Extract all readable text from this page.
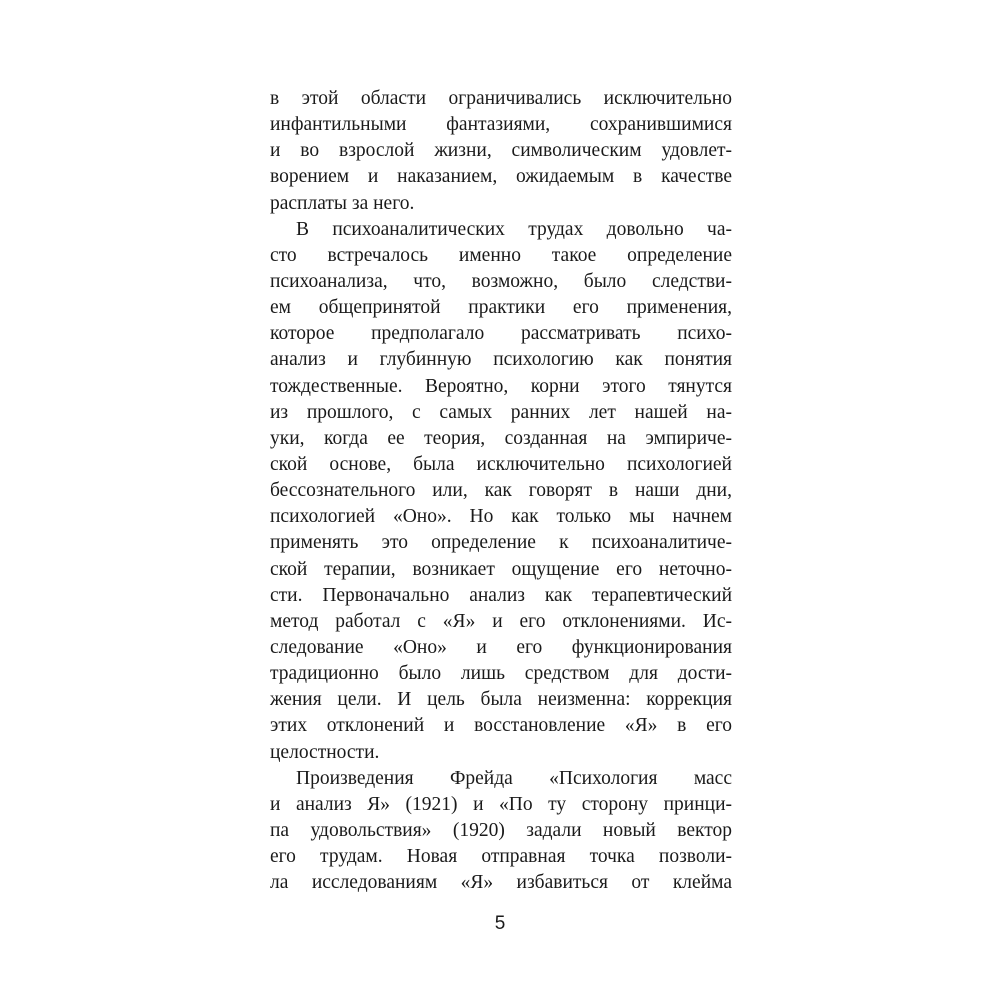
в этой области ограничивались исключительно
инфантильными фантазиями, сохранившимися
и во взрослой жизни, символическим удовлет-
ворением и наказанием, ожидаемым в качестве
расплаты за него.
В психоаналитических трудах довольно ча-
сто встречалось именно такое определение
психоанализа, что, возможно, было следстви-
ем общепринятой практики его применения,
которое предполагало рассматривать психо-
анализ и глубинную психологию как понятия
тождественные. Вероятно, корни этого тянутся
из прошлого, с самых ранних лет нашей на-
уки, когда ее теория, созданная на эмпириче-
ской основе, была исключительно психологией
бессознательного или, как говорят в наши дни,
психологией «Оно». Но как только мы начнем
применять это определение к психоаналитиче-
ской терапии, возникает ощущение его неточно-
сти. Первоначально анализ как терапевтический
метод работал с «Я» и его отклонениями. Ис-
следование «Оно» и его функционирования
традиционно было лишь средством для дости-
жения цели. И цель была неизменна: коррекция
этих отклонений и восстановление «Я» в его
целостности.
Произведения Фрейда «Психология масс
и анализ Я» (1921) и «По ту сторону принци-
па удовольствия» (1920) задали новый вектор
его трудам. Новая отправная точка позволи-
ла исследованиям «Я» избавиться от клейма
5
